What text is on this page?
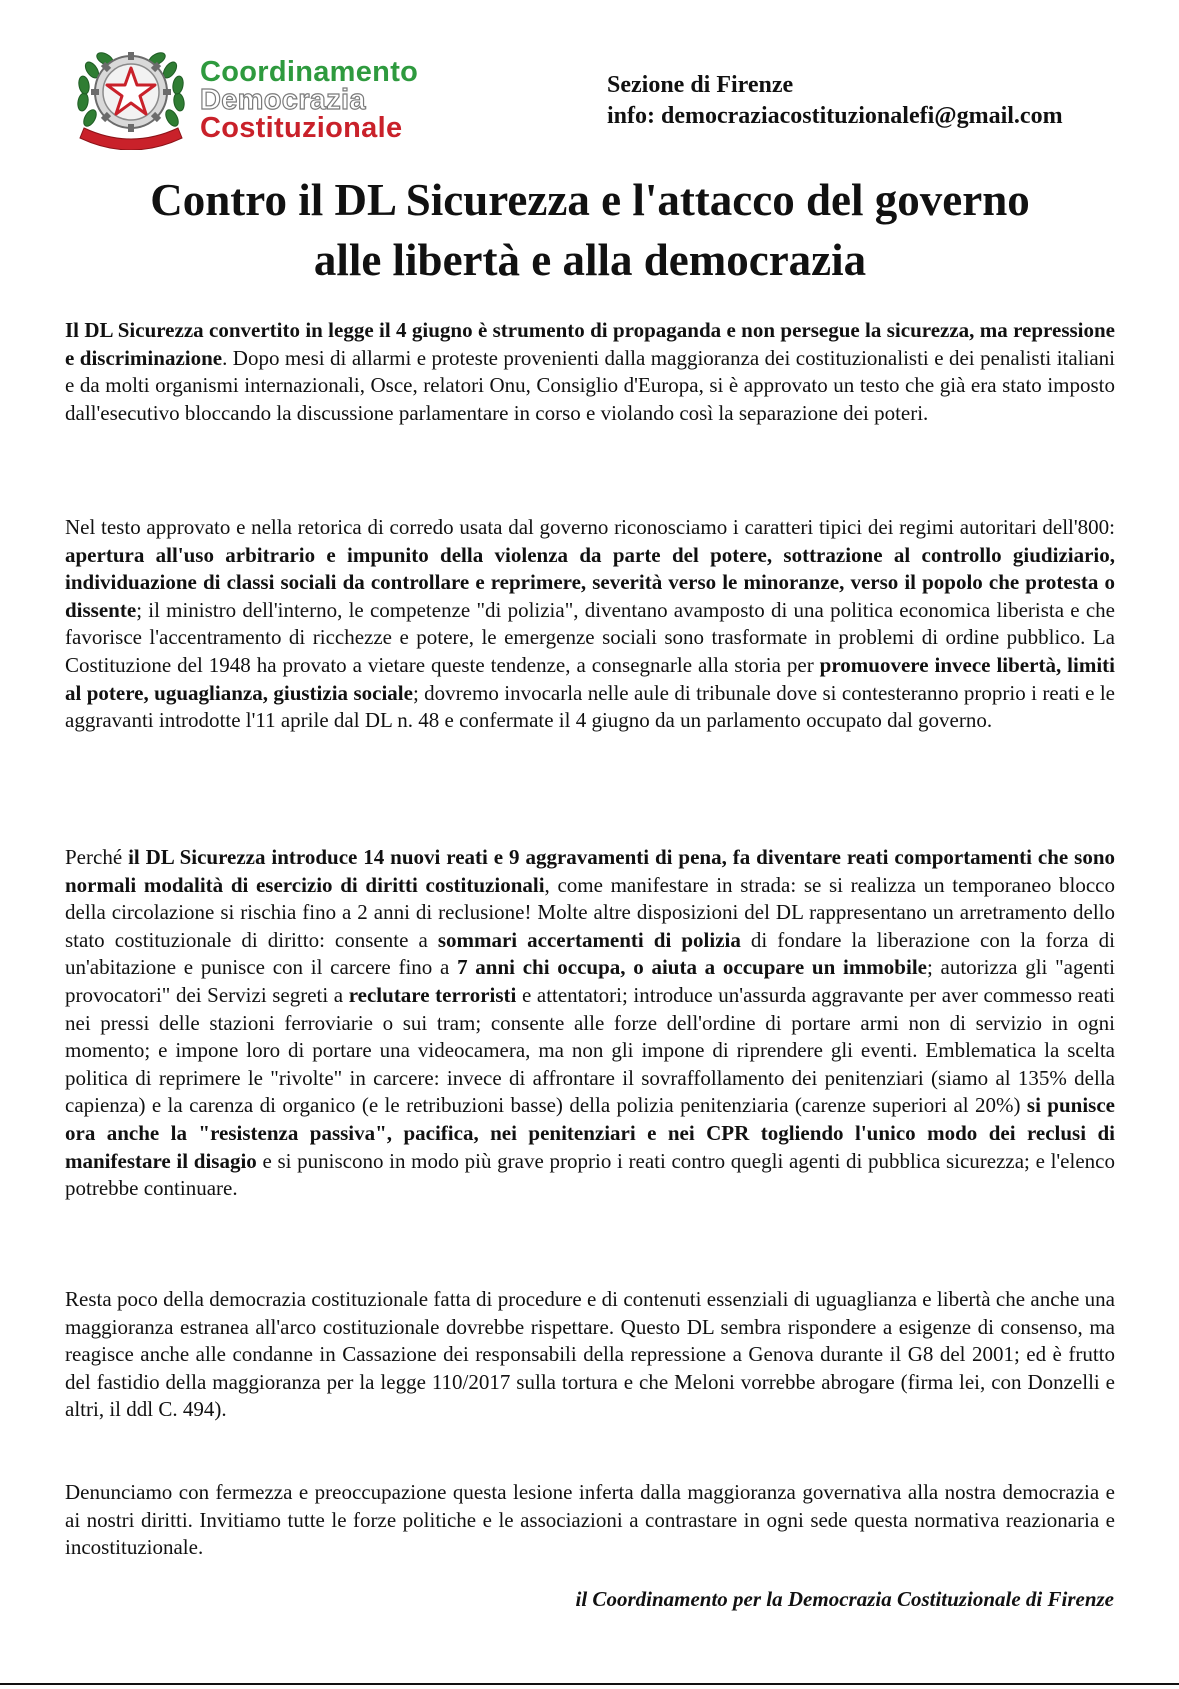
Coordinamento
Democrazia
Costituzionale
Sezione di Firenze
info: democraziacostituzionalefi@gmail.com
Contro il DL Sicurezza e l'attacco del governo
alle libertà e alla democrazia

Il DL Sicurezza convertito in legge il 4 giugno è strumento di propaganda e non persegue la sicurezza, ma repressione e discriminazione. Dopo mesi di allarmi e proteste provenienti dalla maggioranza dei costituzionalisti e dei penalisti italiani e da molti organismi internazionali, Osce, relatori Onu, Consiglio d'Europa, si è approvato un testo che già era stato imposto dall'esecutivo bloccando la discussione parlamentare in corso e violando così la separazione dei poteri.

Nel testo approvato e nella retorica di corredo usata dal governo riconosciamo i caratteri tipici dei regimi autoritari dell'800: apertura all'uso arbitrario e impunito della violenza da parte del potere, sottrazione al controllo giudiziario, individuazione di classi sociali da controllare e reprimere, severità verso le minoranze, verso il popolo che protesta o dissente; il ministro dell'interno, le competenze "di polizia", diventano avamposto di una politica economica liberista e che favorisce l'accentramento di ricchezze e potere, le emergenze sociali sono trasformate in problemi di ordine pubblico. La Costituzione del 1948 ha provato a vietare queste tendenze, a consegnarle alla storia per promuovere invece libertà, limiti al potere, uguaglianza, giustizia sociale; dovremo invocarla nelle aule di tribunale dove si contesteranno proprio i reati e le aggravanti introdotte l'11 aprile dal DL n. 48 e confermate il 4 giugno da un parlamento occupato dal governo.

Perché il DL Sicurezza introduce 14 nuovi reati e 9 aggravamenti di pena, fa diventare reati comportamenti che sono normali modalità di esercizio di diritti costituzionali, come manifestare in strada: se si realizza un temporaneo blocco della circolazione si rischia fino a 2 anni di reclusione! Molte altre disposizioni del DL rappresentano un arretramento dello stato costituzionale di diritto: consente a sommari accertamenti di polizia di fondare la liberazione con la forza di un'abitazione e punisce con il carcere fino a 7 anni chi occupa, o aiuta a occupare un immobile; autorizza gli "agenti provocatori" dei Servizi segreti a reclutare terroristi e attentatori; introduce un'assurda aggravante per aver commesso reati nei pressi delle stazioni ferroviarie o sui tram; consente alle forze dell'ordine di portare armi non di servizio in ogni momento; e impone loro di portare una videocamera, ma non gli impone di riprendere gli eventi. Emblematica la scelta politica di reprimere le "rivolte" in carcere: invece di affrontare il sovraffollamento dei penitenziari (siamo al 135% della capienza) e la carenza di organico (e le retribuzioni basse) della polizia penitenziaria (carenze superiori al 20%) si punisce ora anche la "resistenza passiva", pacifica, nei penitenziari e nei CPR togliendo l'unico modo dei reclusi di manifestare il disagio e si puniscono in modo più grave proprio i reati contro quegli agenti di pubblica sicurezza; e l'elenco potrebbe continuare.

Resta poco della democrazia costituzionale fatta di procedure e di contenuti essenziali di uguaglianza e libertà che anche una maggioranza estranea all'arco costituzionale dovrebbe rispettare. Questo DL sembra rispondere a esigenze di consenso, ma reagisce anche alle condanne in Cassazione dei responsabili della repressione a Genova durante il G8 del 2001; ed è frutto del fastidio della maggioranza per la legge 110/2017 sulla tortura e che Meloni vorrebbe abrogare (firma lei, con Donzelli e altri, il ddl C. 494).

Denunciamo con fermezza e preoccupazione questa lesione inferta dalla maggioranza governativa alla nostra democrazia e ai nostri diritti. Invitiamo tutte le forze politiche e le associazioni a contrastare in ogni sede questa normativa reazionaria e incostituzionale.

il Coordinamento per la Democrazia Costituzionale di Firenze
